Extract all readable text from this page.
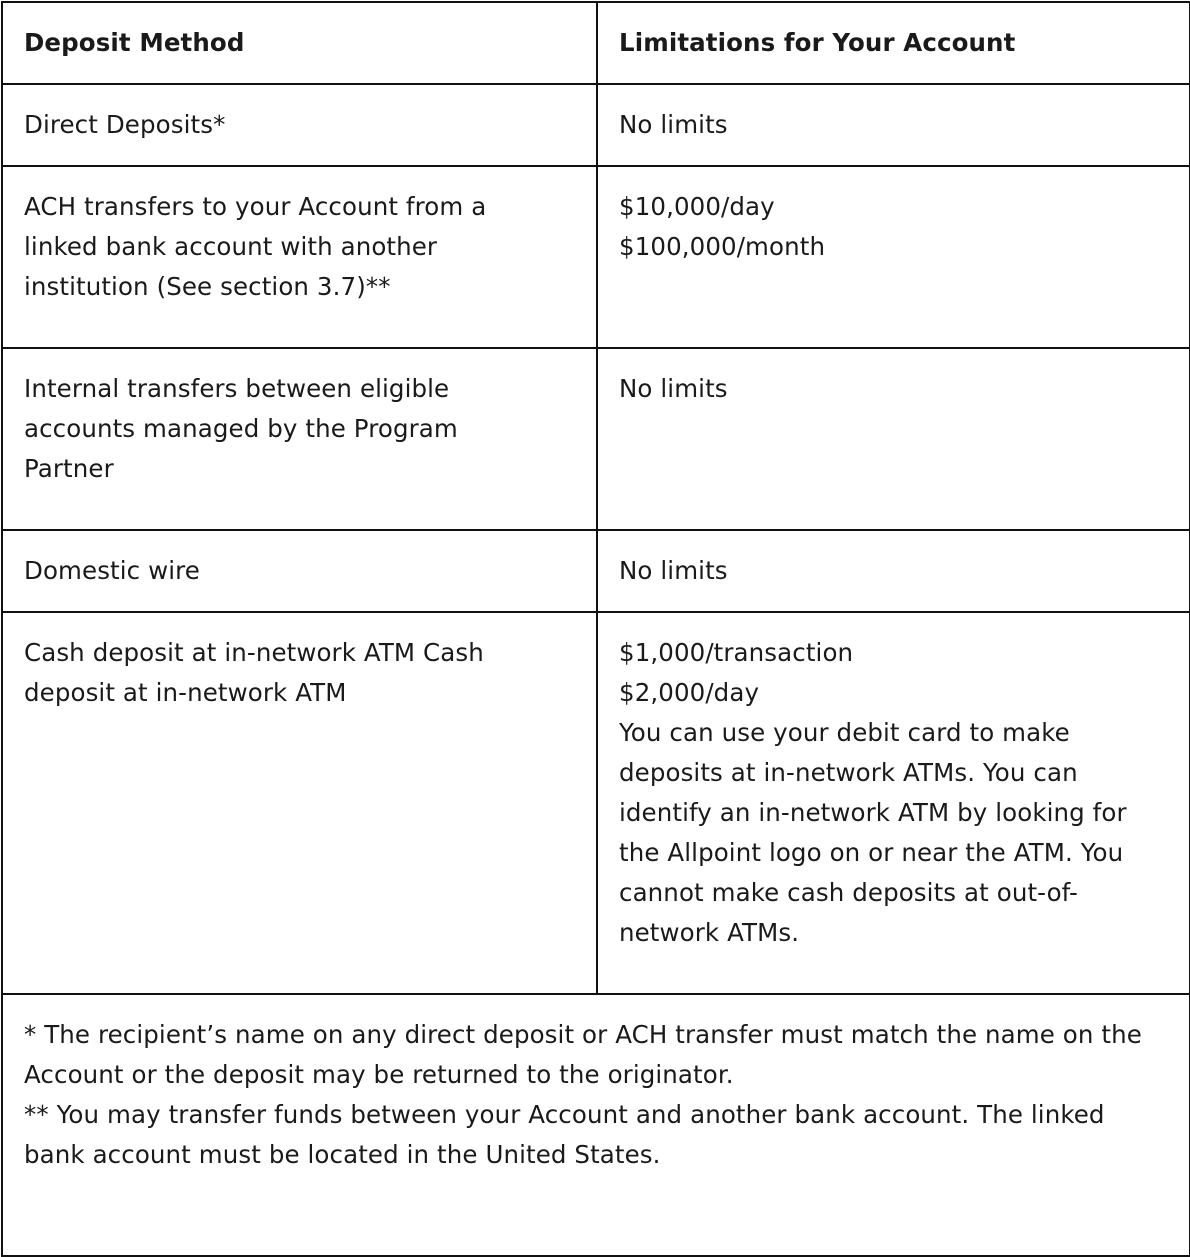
Deposit Method	Limitations for Your Account
Direct Deposits*	No limits

ACH transfers to your Account from a linked bank account with another institution (See section 3.7)**	$10,000/day
$100,000/month

Internal transfers between eligible accounts managed by the Program Partner	No limits

Domestic wire	No limits

Cash deposit at in-network ATM Cash deposit at in-network ATM	$1,000/transaction
$2,000/day
You can use your debit card to make deposits at in-network ATMs. You can identify an in-network ATM by looking for the Allpoint logo on or near the ATM. You cannot make cash deposits at out-of-network ATMs.

* The recipient’s name on any direct deposit or ACH transfer must match the name on the Account or the deposit may be returned to the originator.
** You may transfer funds between your Account and another bank account. The linked bank account must be located in the United States.	
